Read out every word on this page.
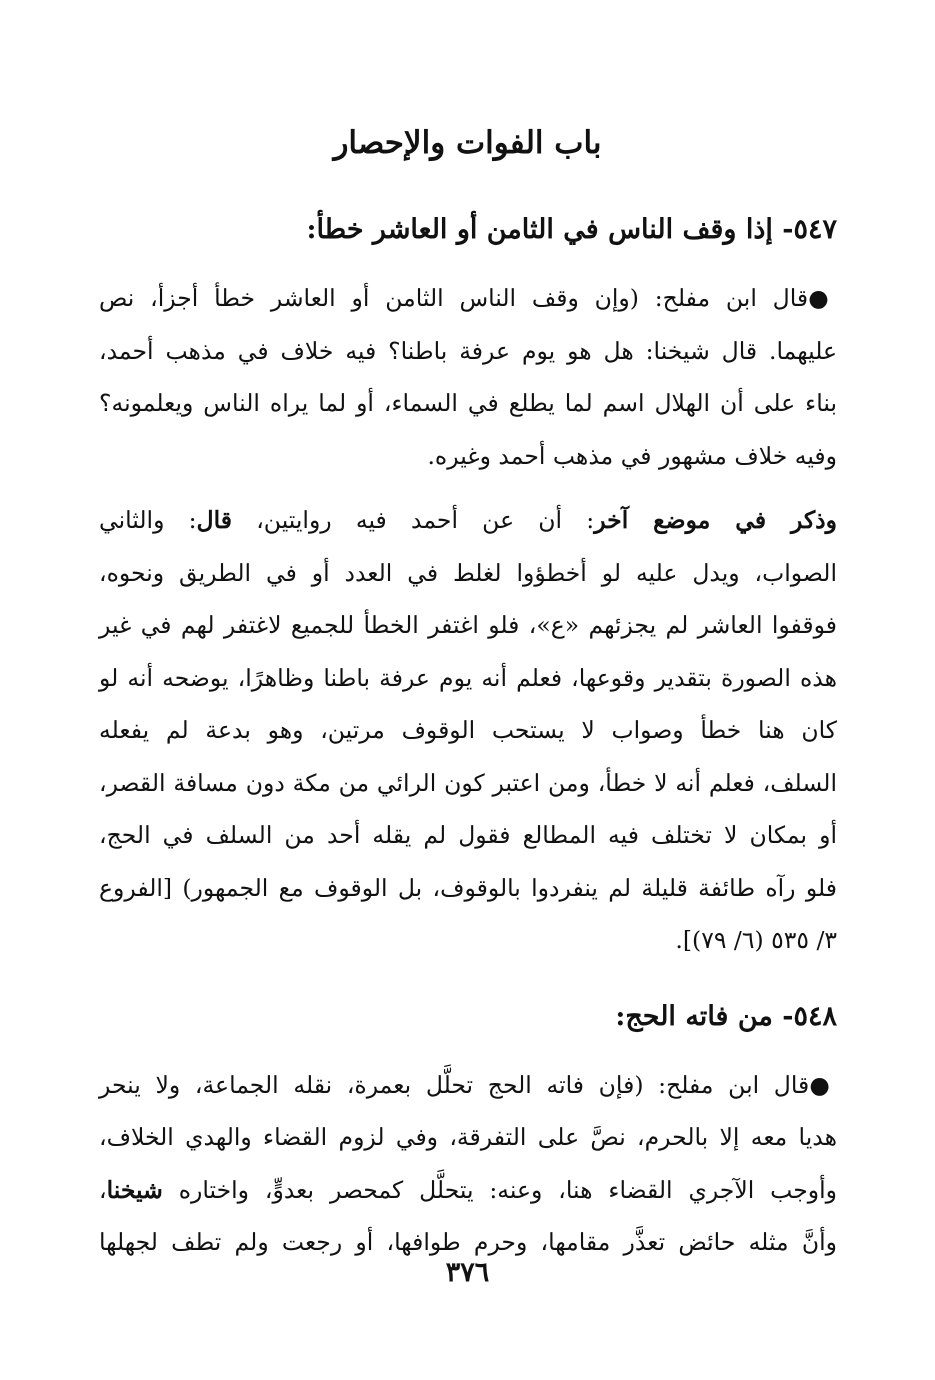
باب الفوات والإحصار
٥٤٧- إذا وقف الناس في الثامن أو العاشر خطأ:

●قال ابن مفلح: (وإن وقف الناس الثامن أو العاشر خطأ أجزأ، نص
عليهما. قال شيخنا: هل هو يوم عرفة باطنا؟ فيه خلاف في مذهب أحمد،
بناء على أن الهلال اسم لما يطلع في السماء، أو لما يراه الناس ويعلمونه؟
وفيه خلاف مشهور في مذهب أحمد وغيره.

وذكر في موضع آخر: أن عن أحمد فيه روايتين، قال: والثاني
الصواب، ويدل عليه لو أخطؤوا لغلط في العدد أو في الطريق ونحوه،
فوقفوا العاشر لم يجزئهم «ع»، فلو اغتفر الخطأ للجميع لاغتفر لهم في غير
هذه الصورة بتقدير وقوعها، فعلم أنه يوم عرفة باطنا وظاهرًا، يوضحه أنه لو
كان هنا خطأ وصواب لا يستحب الوقوف مرتين، وهو بدعة لم يفعله
السلف، فعلم أنه لا خطأ، ومن اعتبر كون الرائي من مكة دون مسافة القصر،
أو بمكان لا تختلف فيه المطالع فقول لم يقله أحد من السلف في الحج،
فلو رآه طائفة قليلة لم ينفردوا بالوقوف، بل الوقوف مع الجمهور) [الفروع
٣/ ٥٣٥ (٦/ ٧٩)].

٥٤٨- من فاته الحج:

●قال ابن مفلح: (فإن فاته الحج تحلَّل بعمرة، نقله الجماعة، ولا ينحر
هديا معه إلا بالحرم، نصَّ على التفرقة، وفي لزوم القضاء والهدي الخلاف،
وأوجب الآجري القضاء هنا، وعنه: يتحلَّل كمحصر بعدوٍّ، واختاره شيخنا،
وأنَّ مثله حائض تعذَّر مقامها، وحرم طوافها، أو رجعت ولم تطف لجهلها

٣٧٦
